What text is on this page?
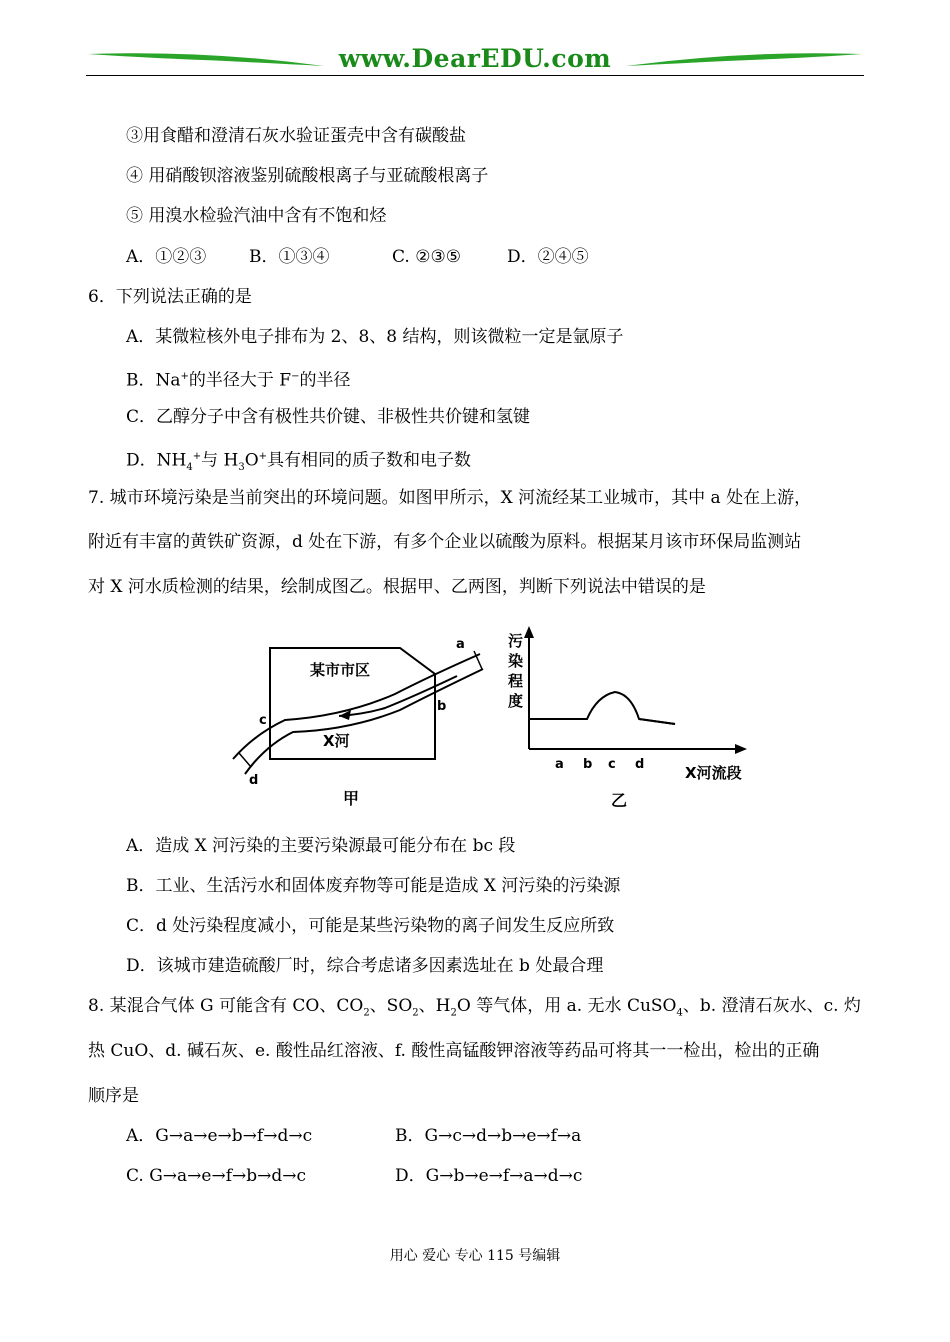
www.DearEDU.com
③用食醋和澄清石灰水验证蛋壳中含有碳酸盐
④ 用硝酸钡溶液鉴别硫酸根离子与亚硫酸根离子
⑤ 用溴水检验汽油中含有不饱和烃
A．①②③	B．①③④	C. ②③⑤	D．②④⑤
6．下列说法正确的是
A．某微粒核外电子排布为 2、8、8 结构，则该微粒一定是氩原子
B．Na+的半径大于 F−的半径
C．乙醇分子中含有极性共价键、非极性共价键和氢键
D．$NH_4^+$与 $H_3O^+$具有相同的质子数和电子数
7. 城市环境污染是当前突出的环境问题。如图甲所示，X 河流经某工业城市，其中 a 处在上游，
附近有丰富的黄铁矿资源，d 处在下游，有多个企业以硫酸为原料。根据某月该市环保局监测站
对 X 河水质检测的结果，绘制成图乙。根据甲、乙两图，判断下列说法中错误的是
某市市区
X河
a
b
c
d
甲
污
染
程
度
a b c d	X河流段
乙
A．造成 X 河污染的主要污染源最可能分布在 bc 段
B．工业、生活污水和固体废弃物等可能是造成 X 河污染的污染源
C．d 处污染程度减小，可能是某些污染物的离子间发生反应所致
D．该城市建造硫酸厂时，综合考虑诸多因素选址在 b 处最合理
8. 某混合气体 G 可能含有 CO、$CO_2$、$SO_2$、$H_2O$ 等气体，用 a. 无水 CuSO$_4$、b. 澄清石灰水、c. 灼
热 CuO、d. 碱石灰、e. 酸性品红溶液、f. 酸性高锰酸钾溶液等药品可将其一一检出，检出的正确
顺序是
A．G→a→e→b→f→d→c	B．G→c→d→b→e→f→a
C. G→a→e→f→b→d→c	D．G→b→e→f→a→d→c
用心 爱心 专心 115 号编辑
